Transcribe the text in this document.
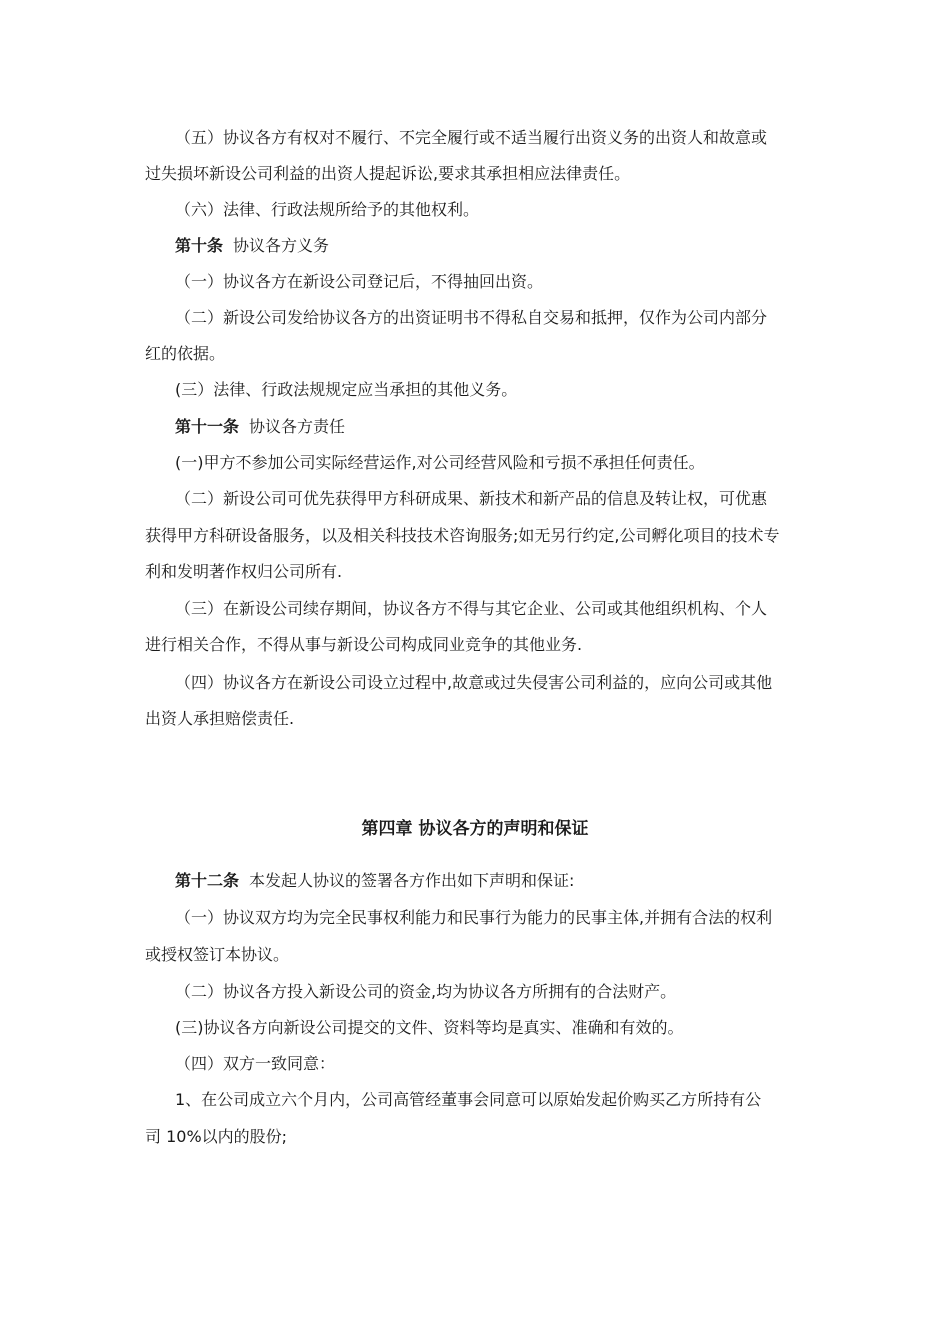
（五）协议各方有权对不履行、不完全履行或不适当履行出资义务的出资人和故意或

过失损坏新设公司利益的出资人提起诉讼,要求其承担相应法律责任。

（六）法律、行政法规所给予的其他权利。

第十条 协议各方义务

（一）协议各方在新设公司登记后，不得抽回出资。

（二）新设公司发给协议各方的出资证明书不得私自交易和抵押，仅作为公司内部分

红的依据。

(三）法律、行政法规规定应当承担的其他义务。

第十一条 协议各方责任

(一)甲方不参加公司实际经营运作,对公司经营风险和亏损不承担任何责任。

（二）新设公司可优先获得甲方科研成果、新技术和新产品的信息及转让权，可优惠

获得甲方科研设备服务，以及相关科技技术咨询服务;如无另行约定,公司孵化项目的技术专

利和发明著作权归公司所有.

（三）在新设公司续存期间，协议各方不得与其它企业、公司或其他组织机构、个人

进行相关合作，不得从事与新设公司构成同业竞争的其他业务.

（四）协议各方在新设公司设立过程中,故意或过失侵害公司利益的，应向公司或其他

出资人承担赔偿责任.

第四章 协议各方的声明和保证

第十二条 本发起人协议的签署各方作出如下声明和保证:

（一）协议双方均为完全民事权利能力和民事行为能力的民事主体,并拥有合法的权利

或授权签订本协议。

（二）协议各方投入新设公司的资金,均为协议各方所拥有的合法财产。

(三)协议各方向新设公司提交的文件、资料等均是真实、准确和有效的。

（四）双方一致同意：

1、在公司成立六个月内，公司高管经董事会同意可以原始发起价购买乙方所持有公

司 10%以内的股份;
